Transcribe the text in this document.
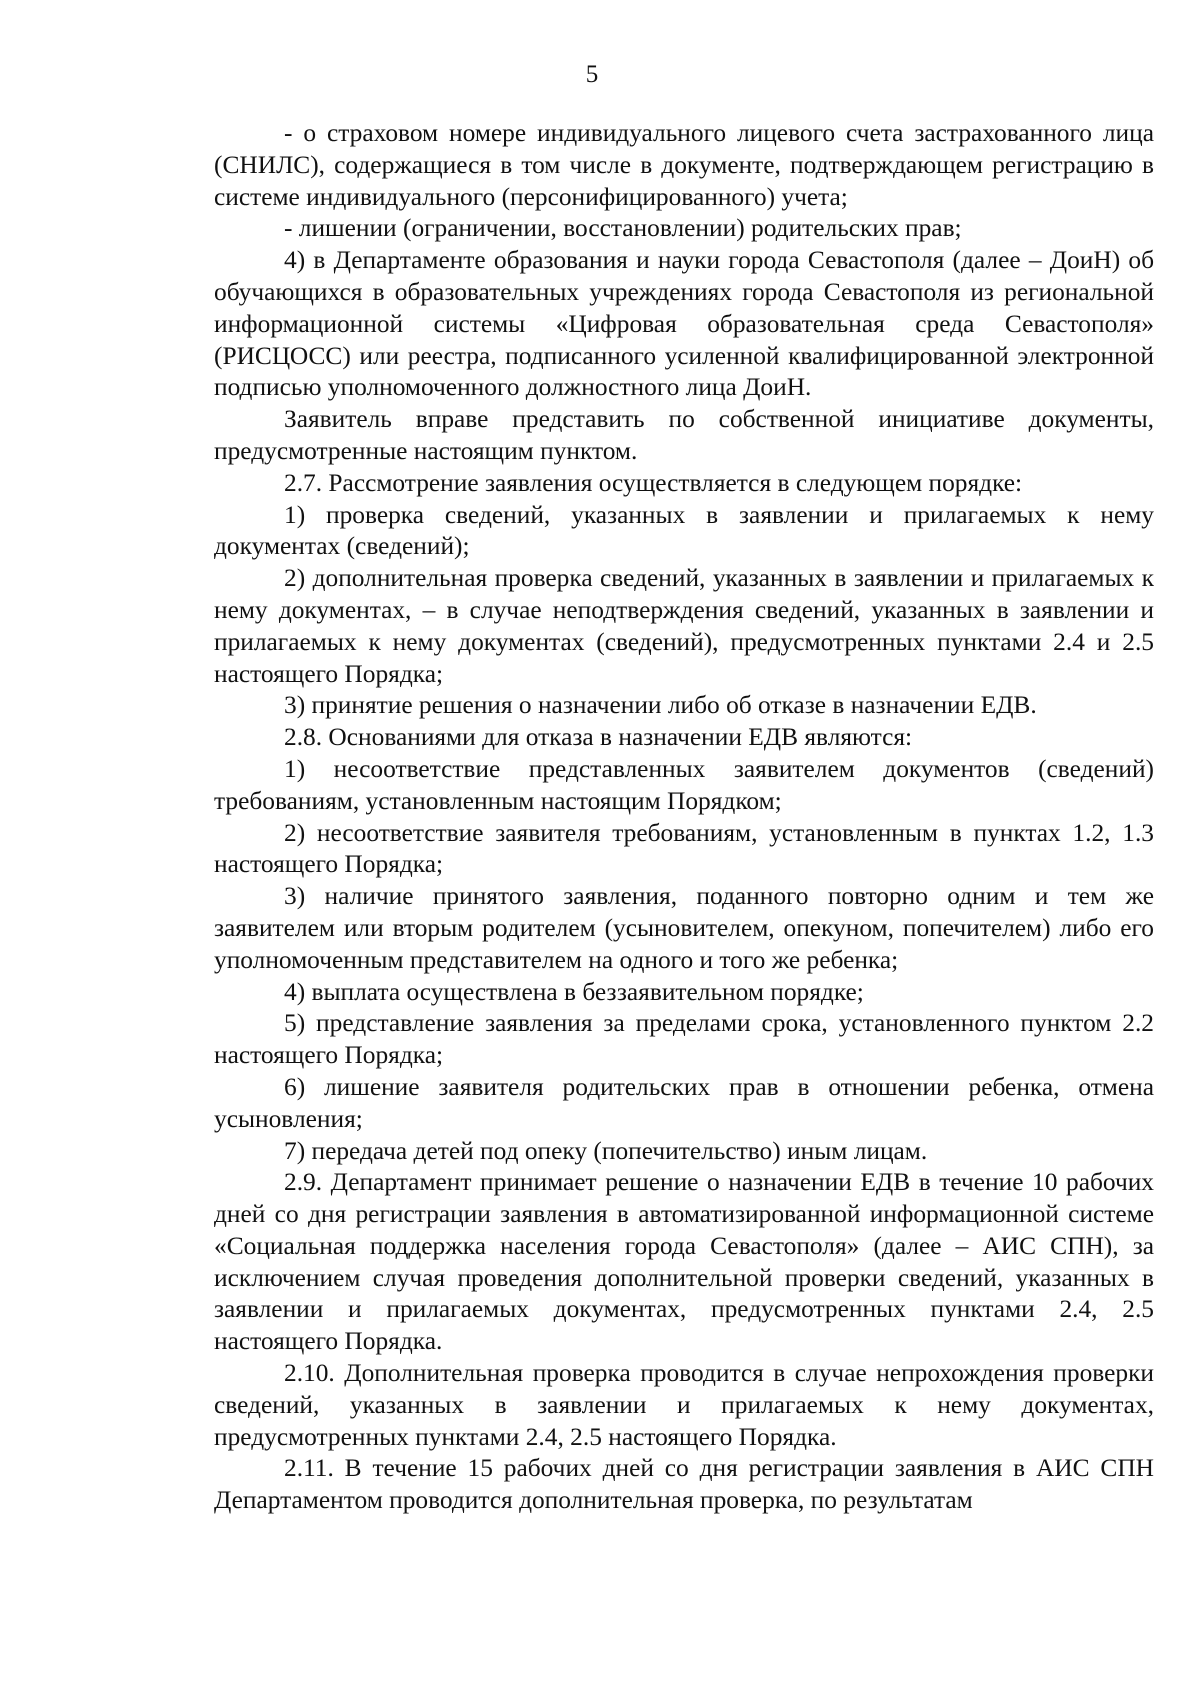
5

- о страховом номере индивидуального лицевого счета застрахованного лица (СНИЛС), содержащиеся в том числе в документе, подтверждающем регистрацию в системе индивидуального (персонифицированного) учета;

- лишении (ограничении, восстановлении) родительских прав;

4) в Департаменте образования и науки города Севастополя (далее – ДоиН) об обучающихся в образовательных учреждениях города Севастополя из региональной информационной системы «Цифровая образовательная среда Севастополя» (РИСЦОСС) или реестра, подписанного усиленной квалифицированной электронной подписью уполномоченного должностного лица ДоиН.

Заявитель вправе представить по собственной инициативе документы, предусмотренные настоящим пунктом.

2.7. Рассмотрение заявления осуществляется в следующем порядке:

1) проверка сведений, указанных в заявлении и прилагаемых к нему документах (сведений);

2) дополнительная проверка сведений, указанных в заявлении и прилагаемых к нему документах, – в случае неподтверждения сведений, указанных в заявлении и прилагаемых к нему документах (сведений), предусмотренных пунктами 2.4 и 2.5 настоящего Порядка;

3) принятие решения о назначении либо об отказе в назначении ЕДВ.

2.8. Основаниями для отказа в назначении ЕДВ являются:

1) несоответствие представленных заявителем документов (сведений) требованиям, установленным настоящим Порядком;

2) несоответствие заявителя требованиям, установленным в пунктах 1.2, 1.3 настоящего Порядка;

3) наличие принятого заявления, поданного повторно одним и тем же заявителем или вторым родителем (усыновителем, опекуном, попечителем) либо его уполномоченным представителем на одного и того же ребенка;

4) выплата осуществлена в беззаявительном порядке;

5) представление заявления за пределами срока, установленного пунктом 2.2 настоящего Порядка;

6) лишение заявителя родительских прав в отношении ребенка, отмена усыновления;

7) передача детей под опеку (попечительство) иным лицам.

2.9. Департамент принимает решение о назначении ЕДВ в течение 10 рабочих дней со дня регистрации заявления в автоматизированной информационной системе «Социальная поддержка населения города Севастополя» (далее – АИС СПН), за исключением случая проведения дополнительной проверки сведений, указанных в заявлении и прилагаемых документах, предусмотренных пунктами 2.4, 2.5 настоящего Порядка.

2.10. Дополнительная проверка проводится в случае непрохождения проверки сведений, указанных в заявлении и прилагаемых к нему документах, предусмотренных пунктами 2.4, 2.5 настоящего Порядка.

2.11. В течение 15 рабочих дней со дня регистрации заявления в АИС СПН Департаментом проводится дополнительная проверка, по результатам
